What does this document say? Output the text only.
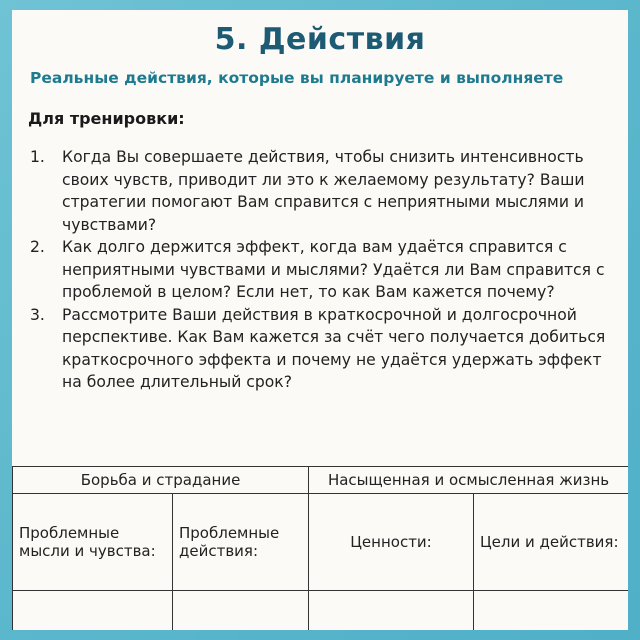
5. Действия
Реальные действия, которые вы планируете и выполняете
Для тренировки:
1.	Когда Вы совершаете действия, чтобы снизить интенсивность своих чувств, приводит ли это к желаемому результату? Ваши стратегии помогают Вам справится с неприятными мыслями и чувствами?
2.	Как долго держится эффект, когда вам удаётся справится с неприятными чувствами и мыслями? Удаётся ли Вам справится с проблемой в целом? Если нет, то как Вам кажется почему?
3.	Рассмотрите Ваши действия в краткосрочной и долгосрочной перспективе. Как Вам кажется за счёт чего получается добиться краткосрочного эффекта и почему не удаётся удержать эффект на более длительный срок?
Борьба и страдание		Насыщенная и осмысленная жизнь	
Проблемные мысли и чувства:	Проблемные действия:	Ценности:	Цели и действия:
